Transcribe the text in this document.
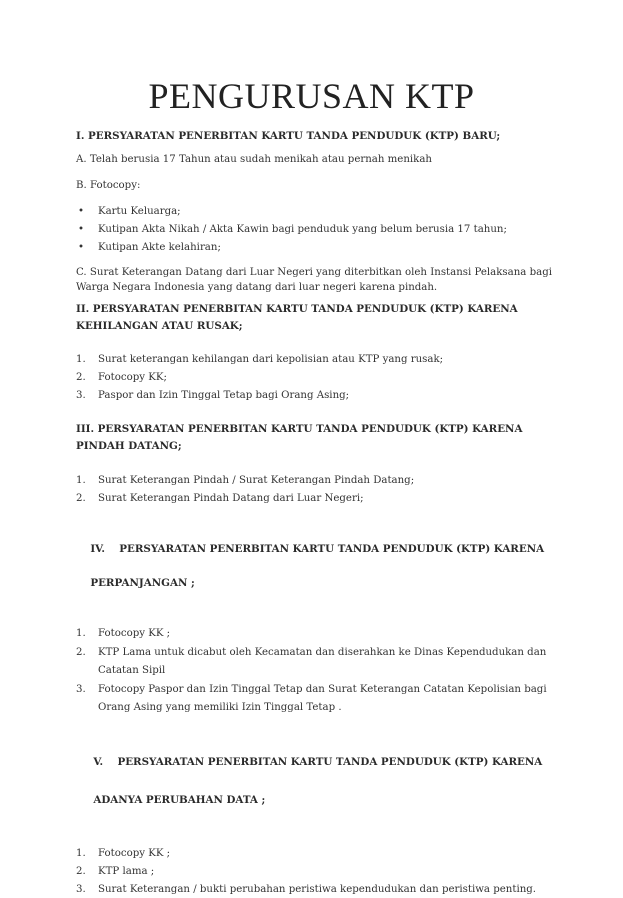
PENGURUSAN KTP

I. PERSYARATAN PENERBITAN KARTU TANDA PENDUDUK (KTP) BARU;

A. Telah berusia 17 Tahun atau sudah menikah atau pernah menikah

B. Fotocopy:

• Kartu Keluarga;
• Kutipan Akta Nikah / Akta Kawin bagi penduduk yang belum berusia 17 tahun;
• Kutipan Akte kelahiran;

C. Surat Keterangan Datang dari Luar Negeri yang diterbitkan oleh Instansi Pelaksana bagi
Warga Negara Indonesia yang datang dari luar negeri karena pindah.

II. PERSYARATAN PENERBITAN KARTU TANDA PENDUDUK (KTP) KARENA
KEHILANGAN ATAU RUSAK;

1. Surat keterangan kehilangan dari kepolisian atau KTP yang rusak;
2. Fotocopy KK;
3. Paspor dan Izin Tinggal Tetap bagi Orang Asing;

III. PERSYARATAN PENERBITAN KARTU TANDA PENDUDUK (KTP) KARENA
PINDAH DATANG;

1. Surat Keterangan Pindah / Surat Keterangan Pindah Datang;
2. Surat Keterangan Pindah Datang dari Luar Negeri;

IV.    PERSYARATAN PENERBITAN KARTU TANDA PENDUDUK (KTP) KARENA

PERPANJANGAN ;

1. Fotocopy KK ;
2. KTP Lama untuk dicabut oleh Kecamatan dan diserahkan ke Dinas Kependudukan dan
Catatan Sipil
3. Fotocopy Paspor dan Izin Tinggal Tetap dan Surat Keterangan Catatan Kepolisian bagi
Orang Asing yang memiliki Izin Tinggal Tetap .

V.    PERSYARATAN PENERBITAN KARTU TANDA PENDUDUK (KTP) KARENA

ADANYA PERUBAHAN DATA ;

1. Fotocopy KK ;
2. KTP lama ;
3. Surat Keterangan / bukti perubahan peristiwa kependudukan dan peristiwa penting.
